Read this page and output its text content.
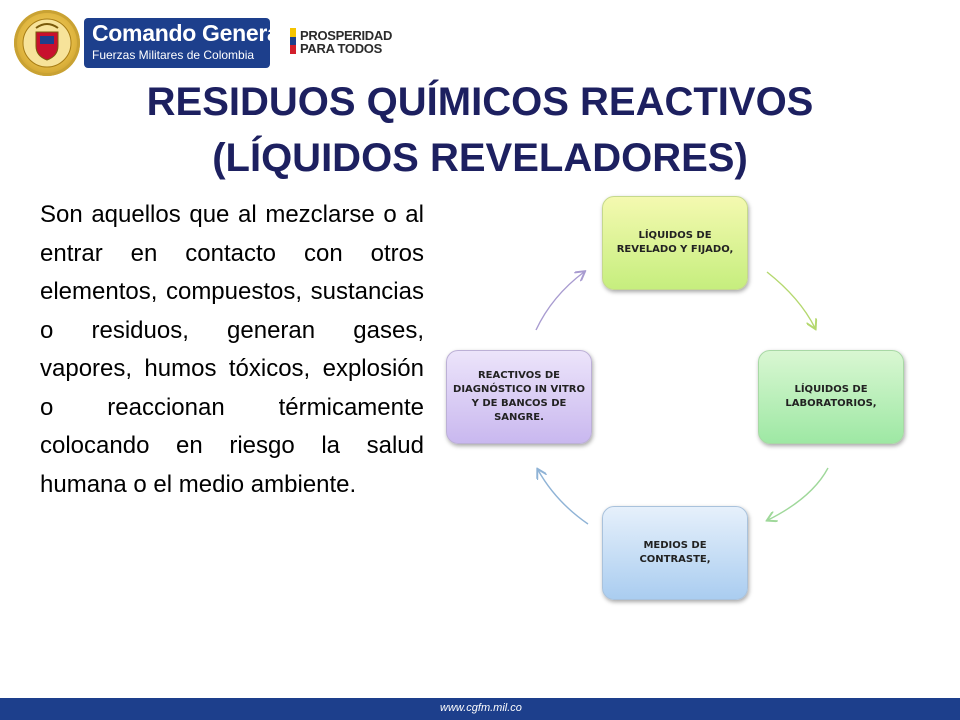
Comando General
Fuerzas Militares de Colombia
PROSPERIDAD
PARA TODOS
RESIDUOS QUÍMICOS REACTIVOS
(LÍQUIDOS REVELADORES)
Son aquellos que al mezclarse o al entrar en contacto con otros elementos, compuestos, sustancias o residuos, generan gases, vapores, humos tóxicos, explosión o reaccionan térmicamente colocando en riesgo la salud humana o el medio ambiente.
LÍQUIDOS DE REVELADO Y FIJADO,
LÍQUIDOS DE LABORATORIOS,
MEDIOS DE CONTRASTE,
REACTIVOS DE DIAGNÓSTICO IN VITRO Y DE BANCOS DE SANGRE.
www.cgfm.mil.co
